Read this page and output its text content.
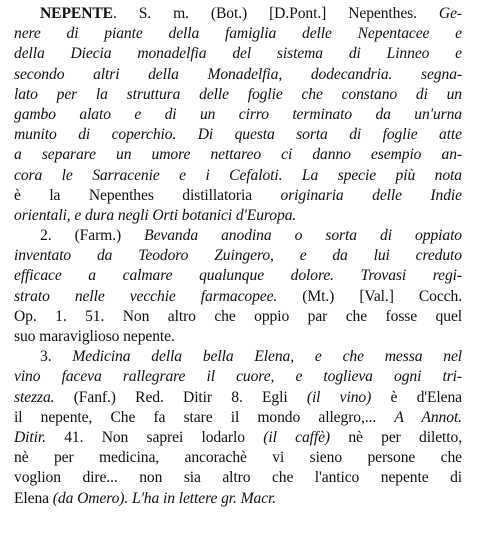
NEPENTE. S. m. (Bot.) [D.Pont.] Nepenthes. Ge-
nere di piante della famiglia delle Nepentacee e
della Diecia monadelfia del sistema di Linneo e
secondo altri della Monadelfia, dodecandria. segna-
lato per la struttura delle foglie che constano di un
gambo alato e di un cirro terminato da un'urna
munito di coperchio. Di questa sorta di foglie atte
a separare un umore nettareo ci danno esempio an-
cora le Sarracenie e i Cefaloti. La specie più nota
è la Nepenthes distillatoria originaria delle Indie
orientali, e dura negli Orti botanici d'Europa.
2. (Farm.) Bevanda anodina o sorta di oppiato
inventato da Teodoro Zuingero, e da lui creduto
efficace a calmare qualunque dolore. Trovasi regi-
strato nelle vecchie farmacopee. (Mt.) [Val.] Cocch.
Op. 1. 51. Non altro che oppio par che fosse quel
suo maraviglioso nepente.
3. Medicina della bella Elena, e che messa nel
vino faceva rallegrare il cuore, e toglieva ogni tri-
stezza. (Fanf.) Red. Ditir 8. Egli (il vino) è d'Elena
il nepente, Che fa stare il mondo allegro,... A Annot.
Ditir. 41. Non saprei lodarlo (il caffè) nè per diletto,
nè per medicina, ancorachè vi sieno persone che
voglion dire... non sia altro che l'antico nepente di
Elena (da Omero). L'ha in lettere gr. Macr.
